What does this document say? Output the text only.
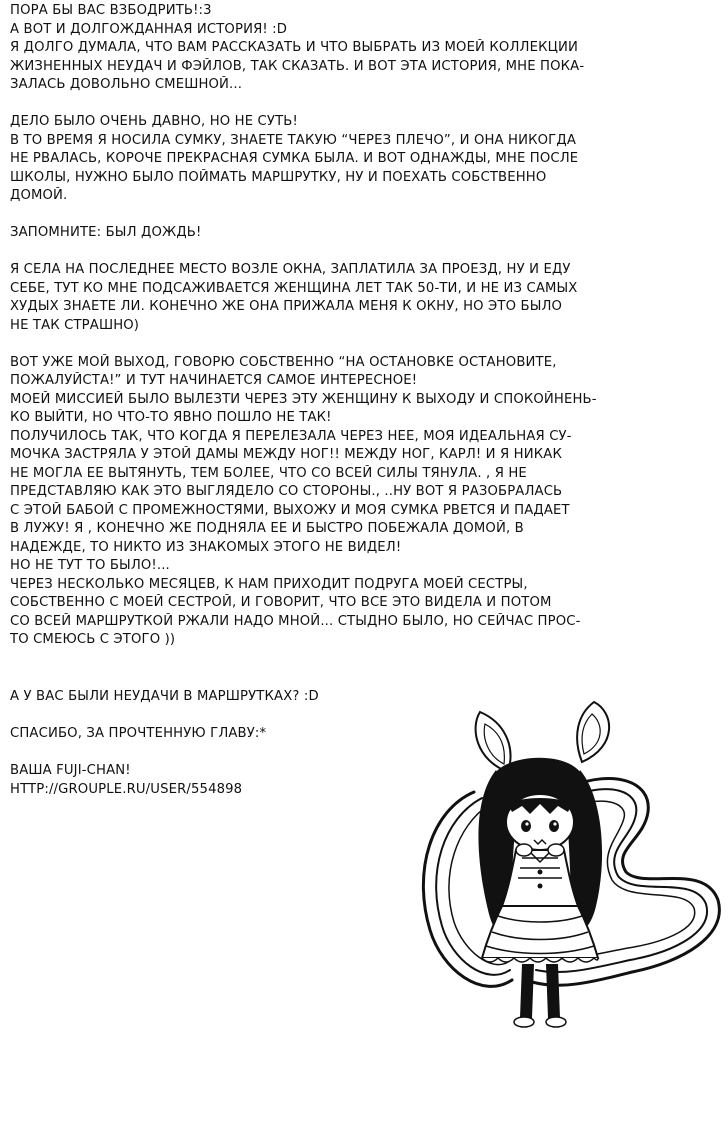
ПОРА БЫ ВАС ВЗБОДРИТЬ!:3
А ВОТ И ДОЛГОЖДАННАЯ ИСТОРИЯ! :D
Я ДОЛГО ДУМАЛА, ЧТО ВАМ РАССКАЗАТЬ И ЧТО ВЫБРАТЬ ИЗ МОЕЙ КОЛЛЕКЦИИ
ЖИЗНЕННЫХ НЕУДАЧ И ФЭЙЛОВ, ТАК СКАЗАТЬ. И ВОТ ЭТА ИСТОРИЯ, МНЕ ПОКА-
ЗАЛАСЬ ДОВОЛЬНО СМЕШНОЙ...
ДЕЛО БЫЛО ОЧЕНЬ ДАВНО, НО НЕ СУТЬ!
В ТО ВРЕМЯ Я НОСИЛА СУМКУ, ЗНАЕТЕ ТАКУЮ “ЧЕРЕЗ ПЛЕЧО”, И ОНА НИКОГДА
НЕ РВАЛАСЬ, КОРОЧЕ ПРЕКРАСНАЯ СУМКА БЫЛА. И ВОТ ОДНАЖДЫ, МНЕ ПОСЛЕ
ШКОЛЫ, НУЖНО БЫЛО ПОЙМАТЬ МАРШРУТКУ, НУ И ПОЕХАТЬ СОБСТВЕННО
ДОМОЙ.
ЗАПОМНИТЕ: БЫЛ ДОЖДЬ!
Я СЕЛА НА ПОСЛЕДНЕЕ МЕСТО ВОЗЛЕ ОКНА, ЗАПЛАТИЛА ЗА ПРОЕЗД, НУ И ЕДУ
СЕБЕ, ТУТ КО МНЕ ПОДСАЖИВАЕТСЯ ЖЕНЩИНА ЛЕТ ТАК 50-ТИ, И НЕ ИЗ САМЫХ
ХУДЫХ ЗНАЕТЕ ЛИ. КОНЕЧНО ЖЕ ОНА ПРИЖАЛА МЕНЯ К ОКНУ, НО ЭТО БЫЛО
НЕ ТАК СТРАШНО)
ВОТ УЖЕ МОЙ ВЫХОД, ГОВОРЮ СОБСТВЕННО “НА ОСТАНОВКЕ ОСТАНОВИТЕ,
ПОЖАЛУЙСТА!” И ТУТ НАЧИНАЕТСЯ САМОЕ ИНТЕРЕСНОЕ!
МОЕЙ МИССИЕЙ БЫЛО ВЫЛЕЗТИ ЧЕРЕЗ ЭТУ ЖЕНЩИНУ К ВЫХОДУ И СПОКОЙНЕНЬ-
КО ВЫЙТИ, НО ЧТО-ТО ЯВНО ПОШЛО НЕ ТАК!
ПОЛУЧИЛОСЬ ТАК, ЧТО КОГДА Я ПЕРЕЛЕЗАЛА ЧЕРЕЗ НЕЕ, МОЯ ИДЕАЛЬНАЯ СУ-
МОЧКА ЗАСТРЯЛА У ЭТОЙ ДАМЫ МЕЖДУ НОГ!! МЕЖДУ НОГ, КАРЛ! И Я НИКАК
НЕ МОГЛА ЕЕ ВЫТЯНУТЬ, ТЕМ БОЛЕЕ, ЧТО СО ВСЕЙ СИЛЫ ТЯНУЛА. , Я НЕ
ПРЕДСТАВЛЯЮ КАК ЭТО ВЫГЛЯДЕЛО СО СТОРОНЫ., ..НУ ВОТ Я РАЗОБРАЛАСЬ
С ЭТОЙ БАБОЙ С ПРОМЕЖНОСТЯМИ, ВЫХОЖУ И МОЯ СУМКА РВЕТСЯ И ПАДАЕТ
В ЛУЖУ! Я , КОНЕЧНО ЖЕ ПОДНЯЛА ЕЕ И БЫСТРО ПОБЕЖАЛА ДОМОЙ, В
НАДЕЖДЕ, ТО НИКТО ИЗ ЗНАКОМЫХ ЭТОГО НЕ ВИДЕЛ!
НО НЕ ТУТ ТО БЫЛО!...
ЧЕРЕЗ НЕСКОЛЬКО МЕСЯЦЕВ, К НАМ ПРИХОДИТ ПОДРУГА МОЕЙ СЕСТРЫ,
СОБСТВЕННО С МОЕЙ СЕСТРОЙ, И ГОВОРИТ, ЧТО ВСЕ ЭТО ВИДЕЛА И ПОТОМ
СО ВСЕЙ МАРШРУТКОЙ РЖАЛИ НАДО МНОЙ... СТЫДНО БЫЛО, НО СЕЙЧАС ПРОС-
ТО СМЕЮСЬ С ЭТОГО ))
А У ВАС БЫЛИ НЕУДАЧИ В МАРШРУТКАХ? :D
СПАСИБО, ЗА ПРОЧТЕННУЮ ГЛАВУ:*
ВАША FUJI-CHAN!
HTTP://GROUPLE.RU/USER/554898
